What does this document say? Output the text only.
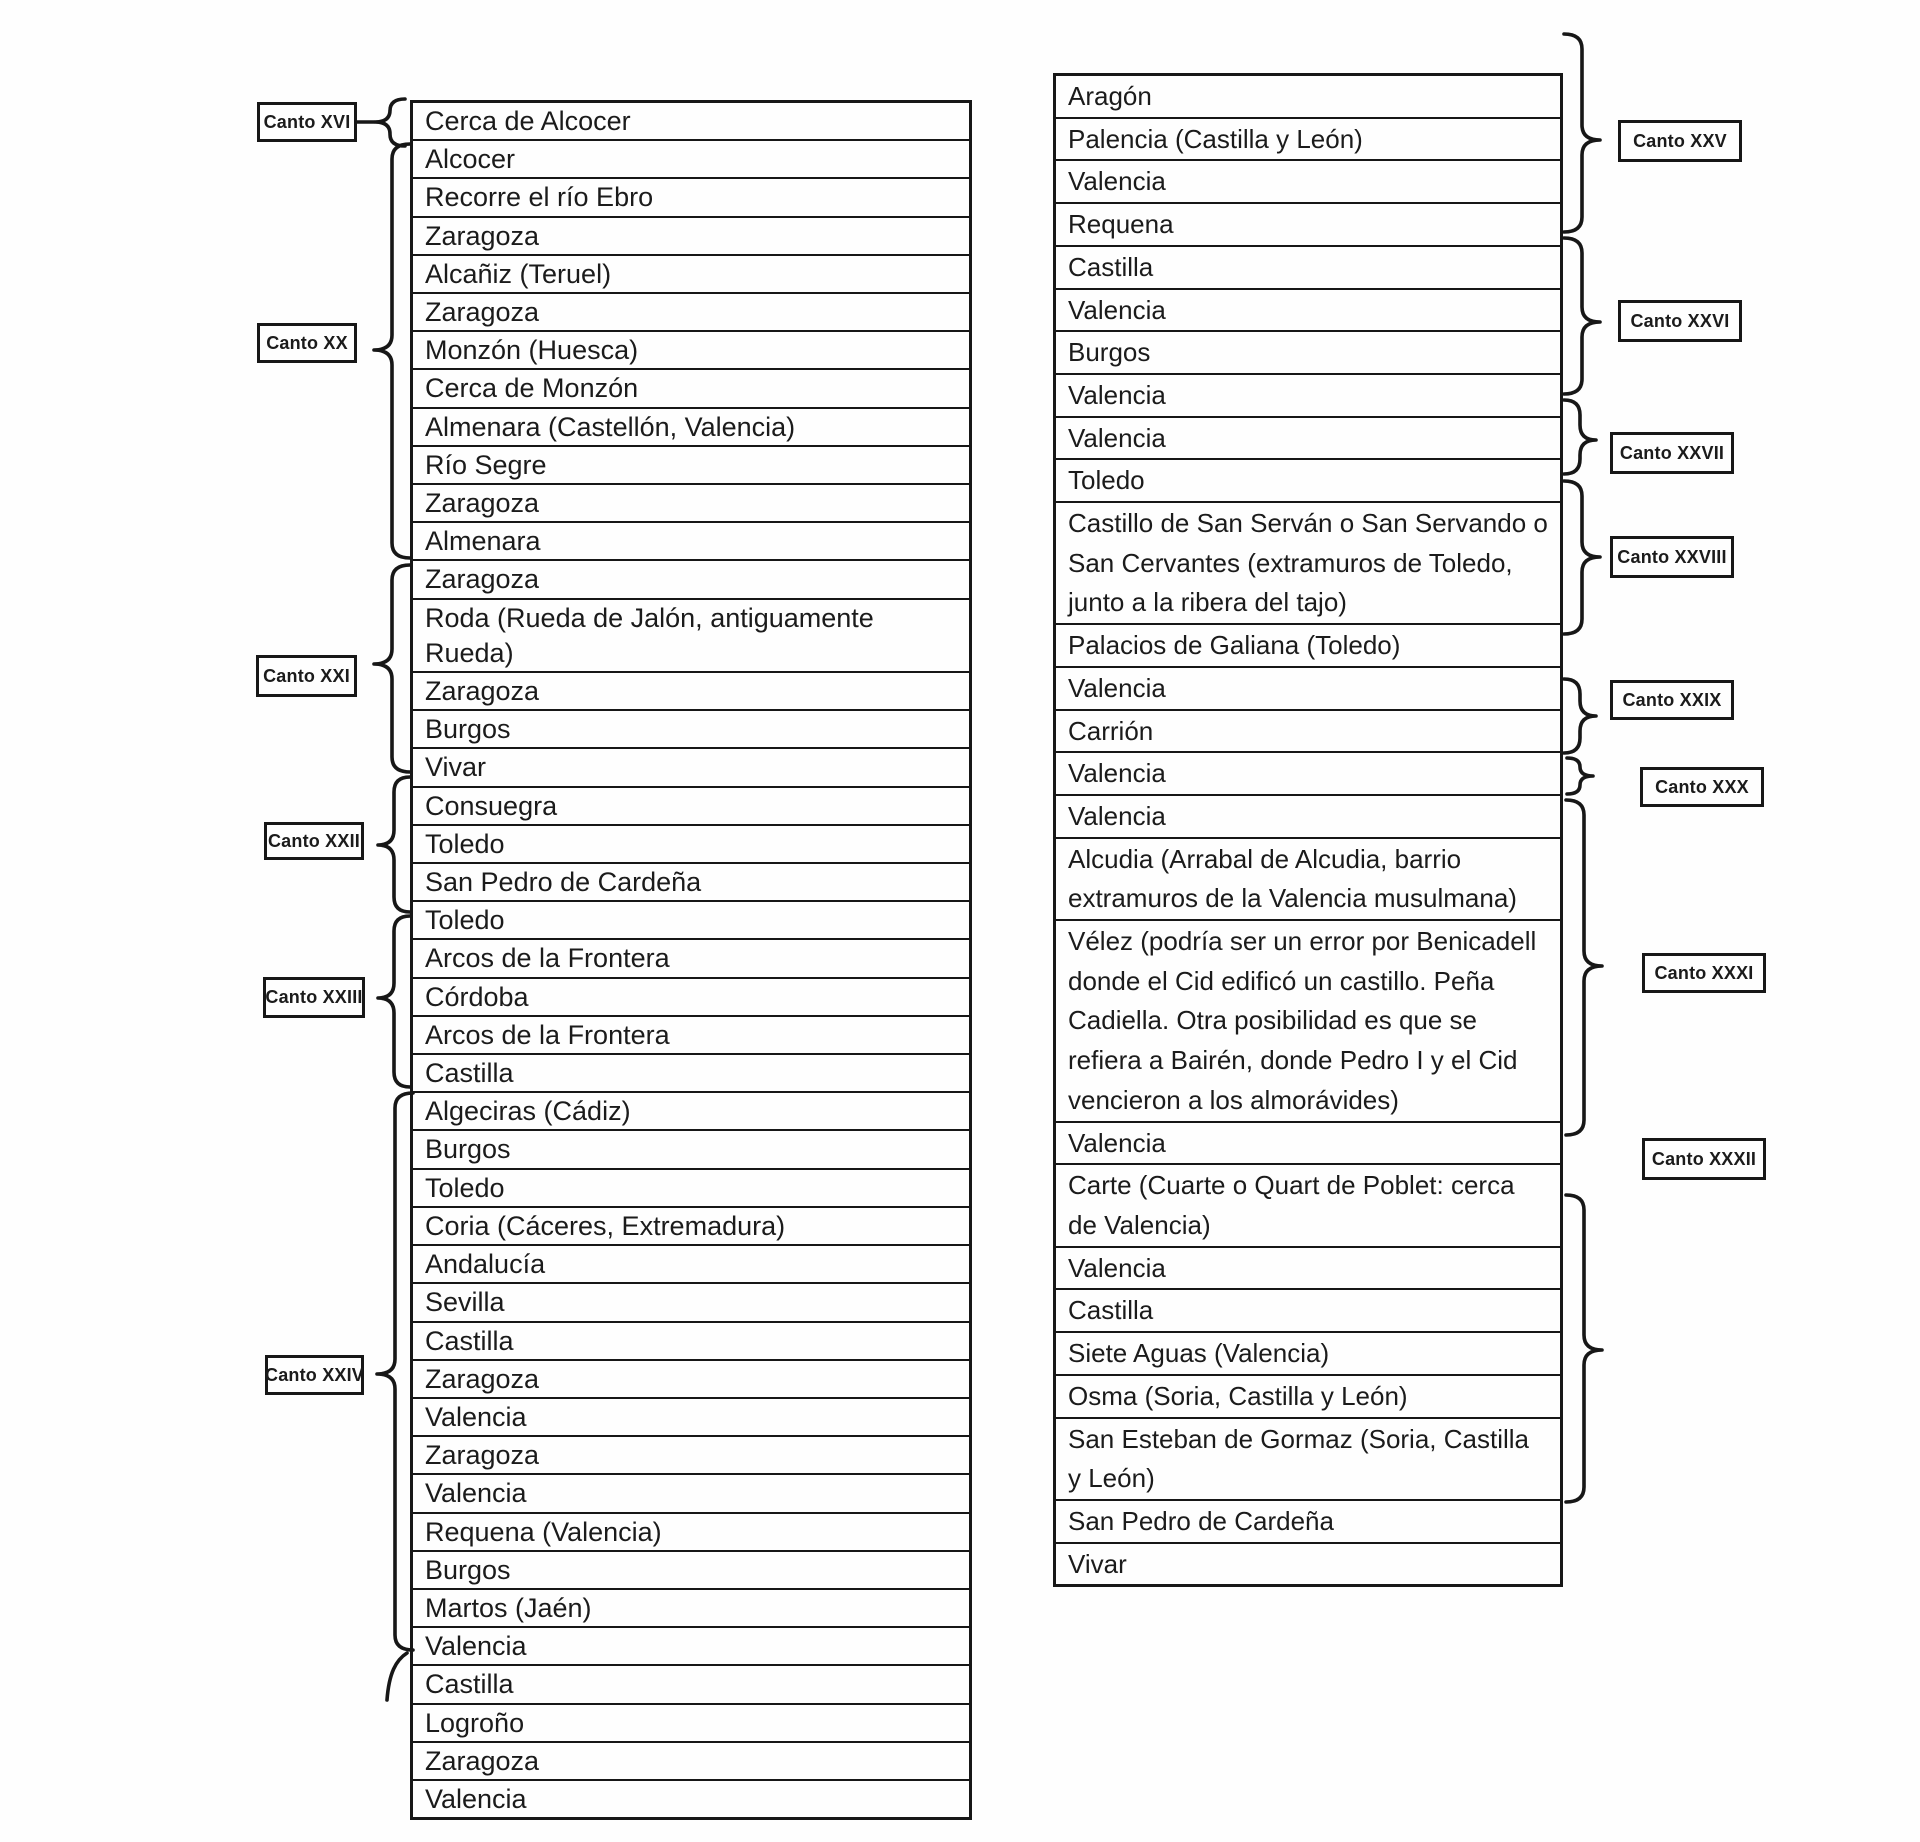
Cerca de Alcocer
Alcocer
Recorre el río Ebro
Zaragoza
Alcañiz (Teruel)
Zaragoza
Monzón (Huesca)
Cerca de Monzón
Almenara (Castellón, Valencia)
Río Segre
Zaragoza
Almenara
Zaragoza
Roda (Rueda de Jalón, antiguamente Rueda)
Zaragoza
Burgos
Vivar
Consuegra
Toledo
San Pedro de Cardeña
Toledo
Arcos de la Frontera
Córdoba
Arcos de la Frontera
Castilla
Algeciras (Cádiz)
Burgos
Toledo
Coria (Cáceres, Extremadura)
Andalucía
Sevilla
Castilla
Zaragoza
Valencia
Zaragoza
Valencia
Requena (Valencia)
Burgos
Martos (Jaén)
Valencia
Castilla
Logroño
Zaragoza
Valencia
Aragón
Palencia (Castilla y León)
Valencia
Requena
Castilla
Valencia
Burgos
Valencia
Valencia
Toledo
Castillo de San Serván o San Servando o San Cervantes (extramuros de Toledo, junto a la ribera del tajo)
Palacios de Galiana (Toledo)
Valencia
Carrión
Valencia
Valencia
Alcudia (Arrabal de Alcudia, barrio extramuros de la Valencia musulmana)
Vélez (podría ser un error por Benicadell donde el Cid edificó un castillo. Peña Cadiella. Otra posibilidad es que se refiera a Bairén, donde Pedro I y el Cid vencieron a los almorávides)
Valencia
Carte (Cuarte o Quart de Poblet: cerca de Valencia)
Valencia
Castilla
Siete Aguas (Valencia)
Osma (Soria, Castilla y León)
San Esteban de Gormaz (Soria, Castilla y León)
San Pedro de Cardeña
Vivar
Canto XVI
Canto XX
Canto XXI
Canto XXII
Canto XXIII
Canto XXIV
Canto XXV
Canto XXVI
Canto XXVII
Canto XXVIII
Canto XXIX
Canto XXX
Canto XXXI
Canto XXXII
